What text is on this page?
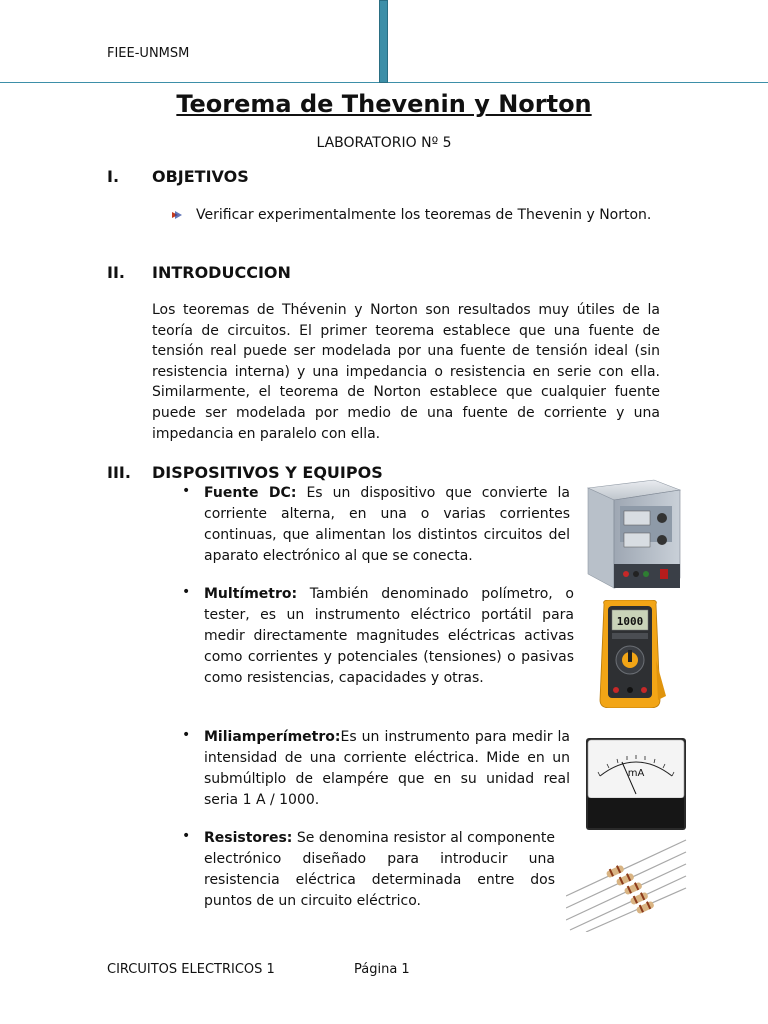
FIEE-UNMSM
Teorema de Thevenin y Norton
LABORATORIO Nº 5
I. OBJETIVOS
Verificar experimentalmente los teoremas de Thevenin y Norton.
II. INTRODUCCION
Los teoremas de Thévenin y Norton son resultados muy útiles de la teoría de circuitos. El primer teorema establece que una fuente de tensión real puede ser modelada por una fuente de tensión ideal (sin resistencia interna) y una impedancia o resistencia en serie con ella. Similarmente, el teorema de Norton establece que cualquier fuente puede ser modelada por medio de una fuente de corriente y una impedancia en paralelo con ella.
III. DISPOSITIVOS Y EQUIPOS
• Fuente DC: Es un dispositivo que convierte la corriente alterna, en una o varias corrientes continuas, que alimentan los distintos circuitos del aparato electrónico al que se conecta.
• Multímetro: También denominado polímetro, o tester, es un instrumento eléctrico portátil para medir directamente magnitudes eléctricas activas como corrientes y potenciales (tensiones) o pasivas como resistencias, capacidades y otras.
• Miliamperímetro:Es un instrumento para medir la intensidad de una corriente eléctrica. Mide en un submúltiplo de elampére que en su unidad real seria 1 A / 1000.
• Resistores: Se denomina resistor al componente electrónico diseñado para introducir una resistencia eléctrica determinada entre dos puntos de un circuito eléctrico.
1000
mA
CIRCUITOS ELECTRICOS 1	Página 1
